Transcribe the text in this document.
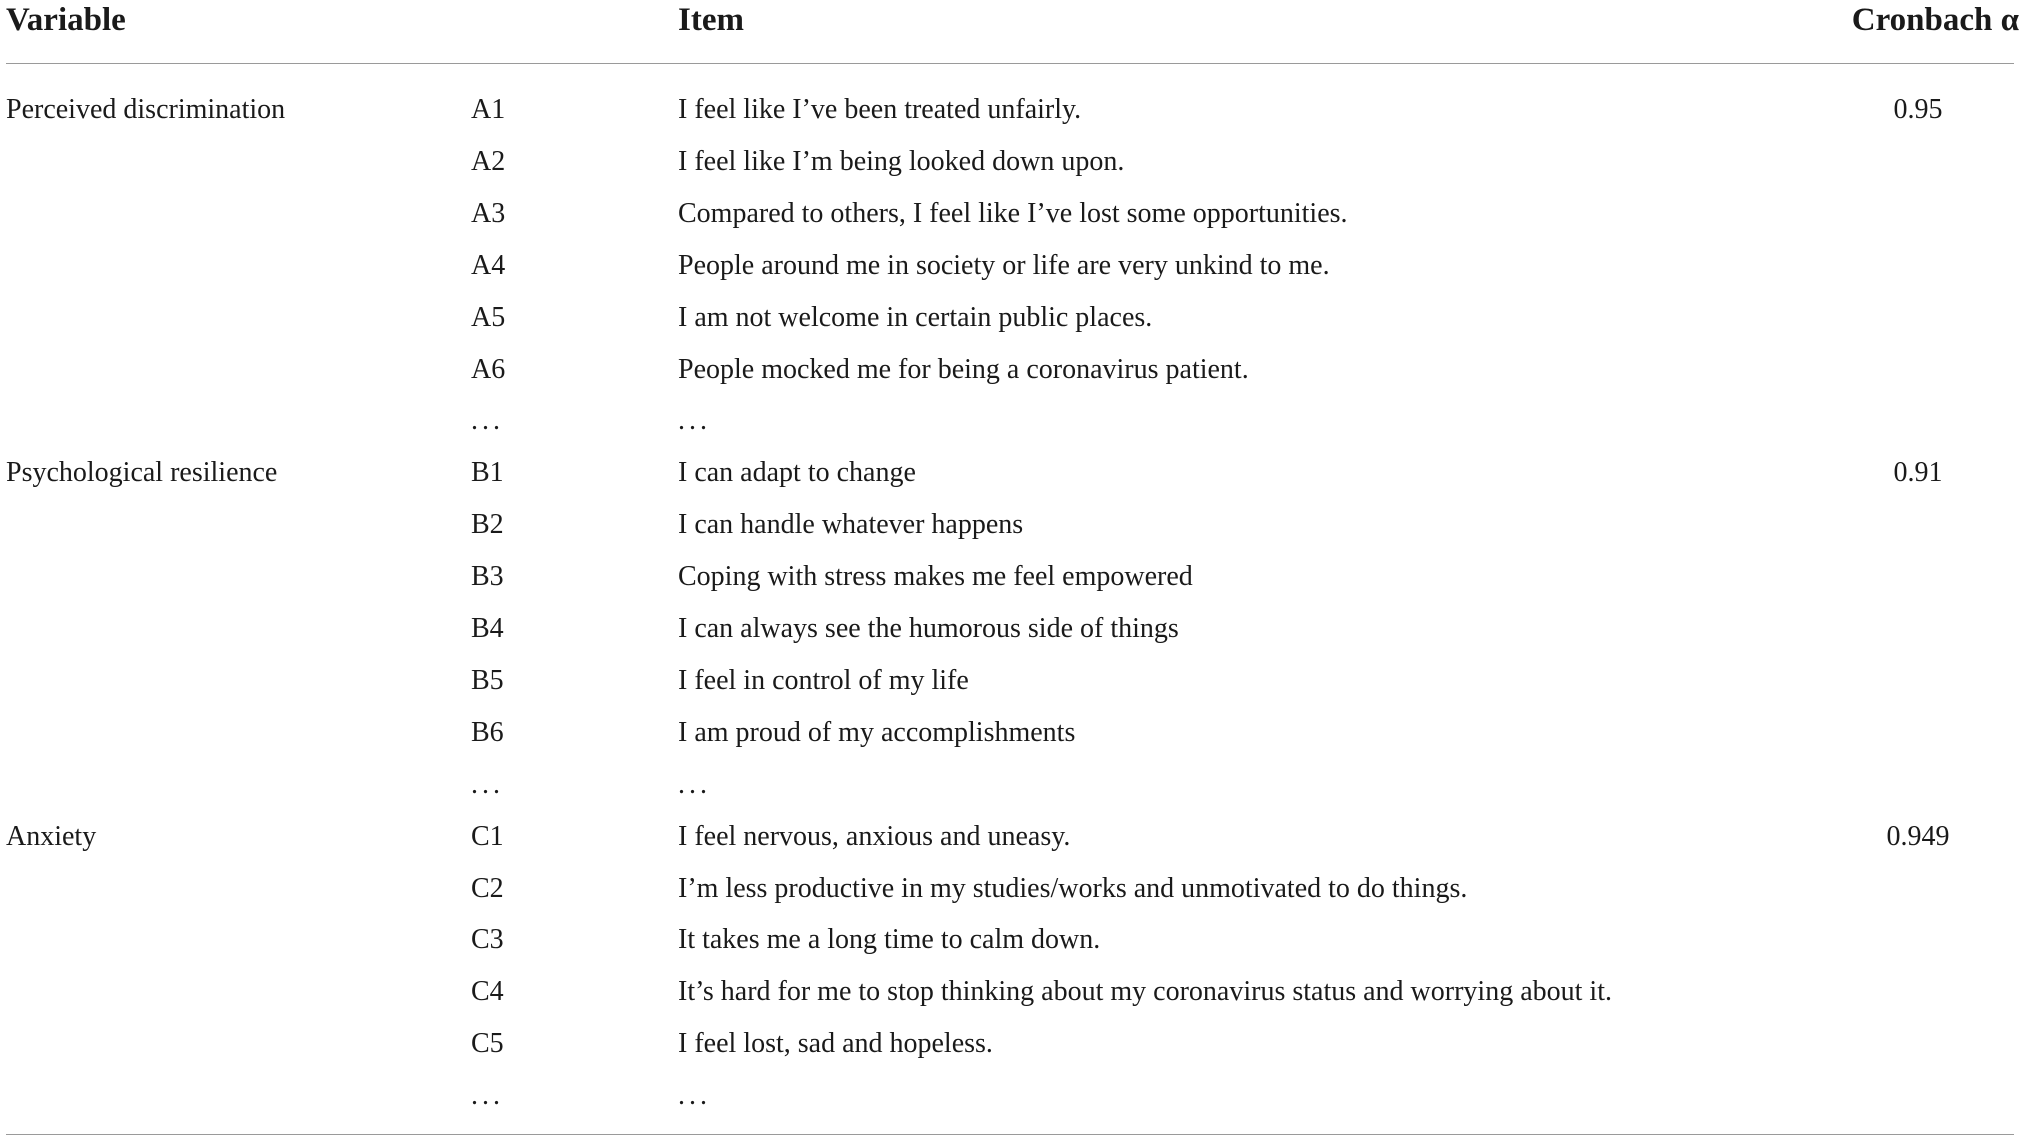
Variable	Item	Cronbach α
Perceived discrimination	A1	I feel like I’ve been treated unfairly.	0.95
A2	I feel like I’m being looked down upon.
A3	Compared to others, I feel like I’ve lost some opportunities.
A4	People around me in society or life are very unkind to me.
A5	I am not welcome in certain public places.
A6	People mocked me for being a coronavirus patient.
...	...
Psychological resilience	B1	I can adapt to change	0.91
B2	I can handle whatever happens
B3	Coping with stress makes me feel empowered
B4	I can always see the humorous side of things
B5	I feel in control of my life
B6	I am proud of my accomplishments
...	...
Anxiety	C1	I feel nervous, anxious and uneasy.	0.949
C2	I’m less productive in my studies/works and unmotivated to do things.
C3	It takes me a long time to calm down.
C4	It’s hard for me to stop thinking about my coronavirus status and worrying about it.
C5	I feel lost, sad and hopeless.
...	...
